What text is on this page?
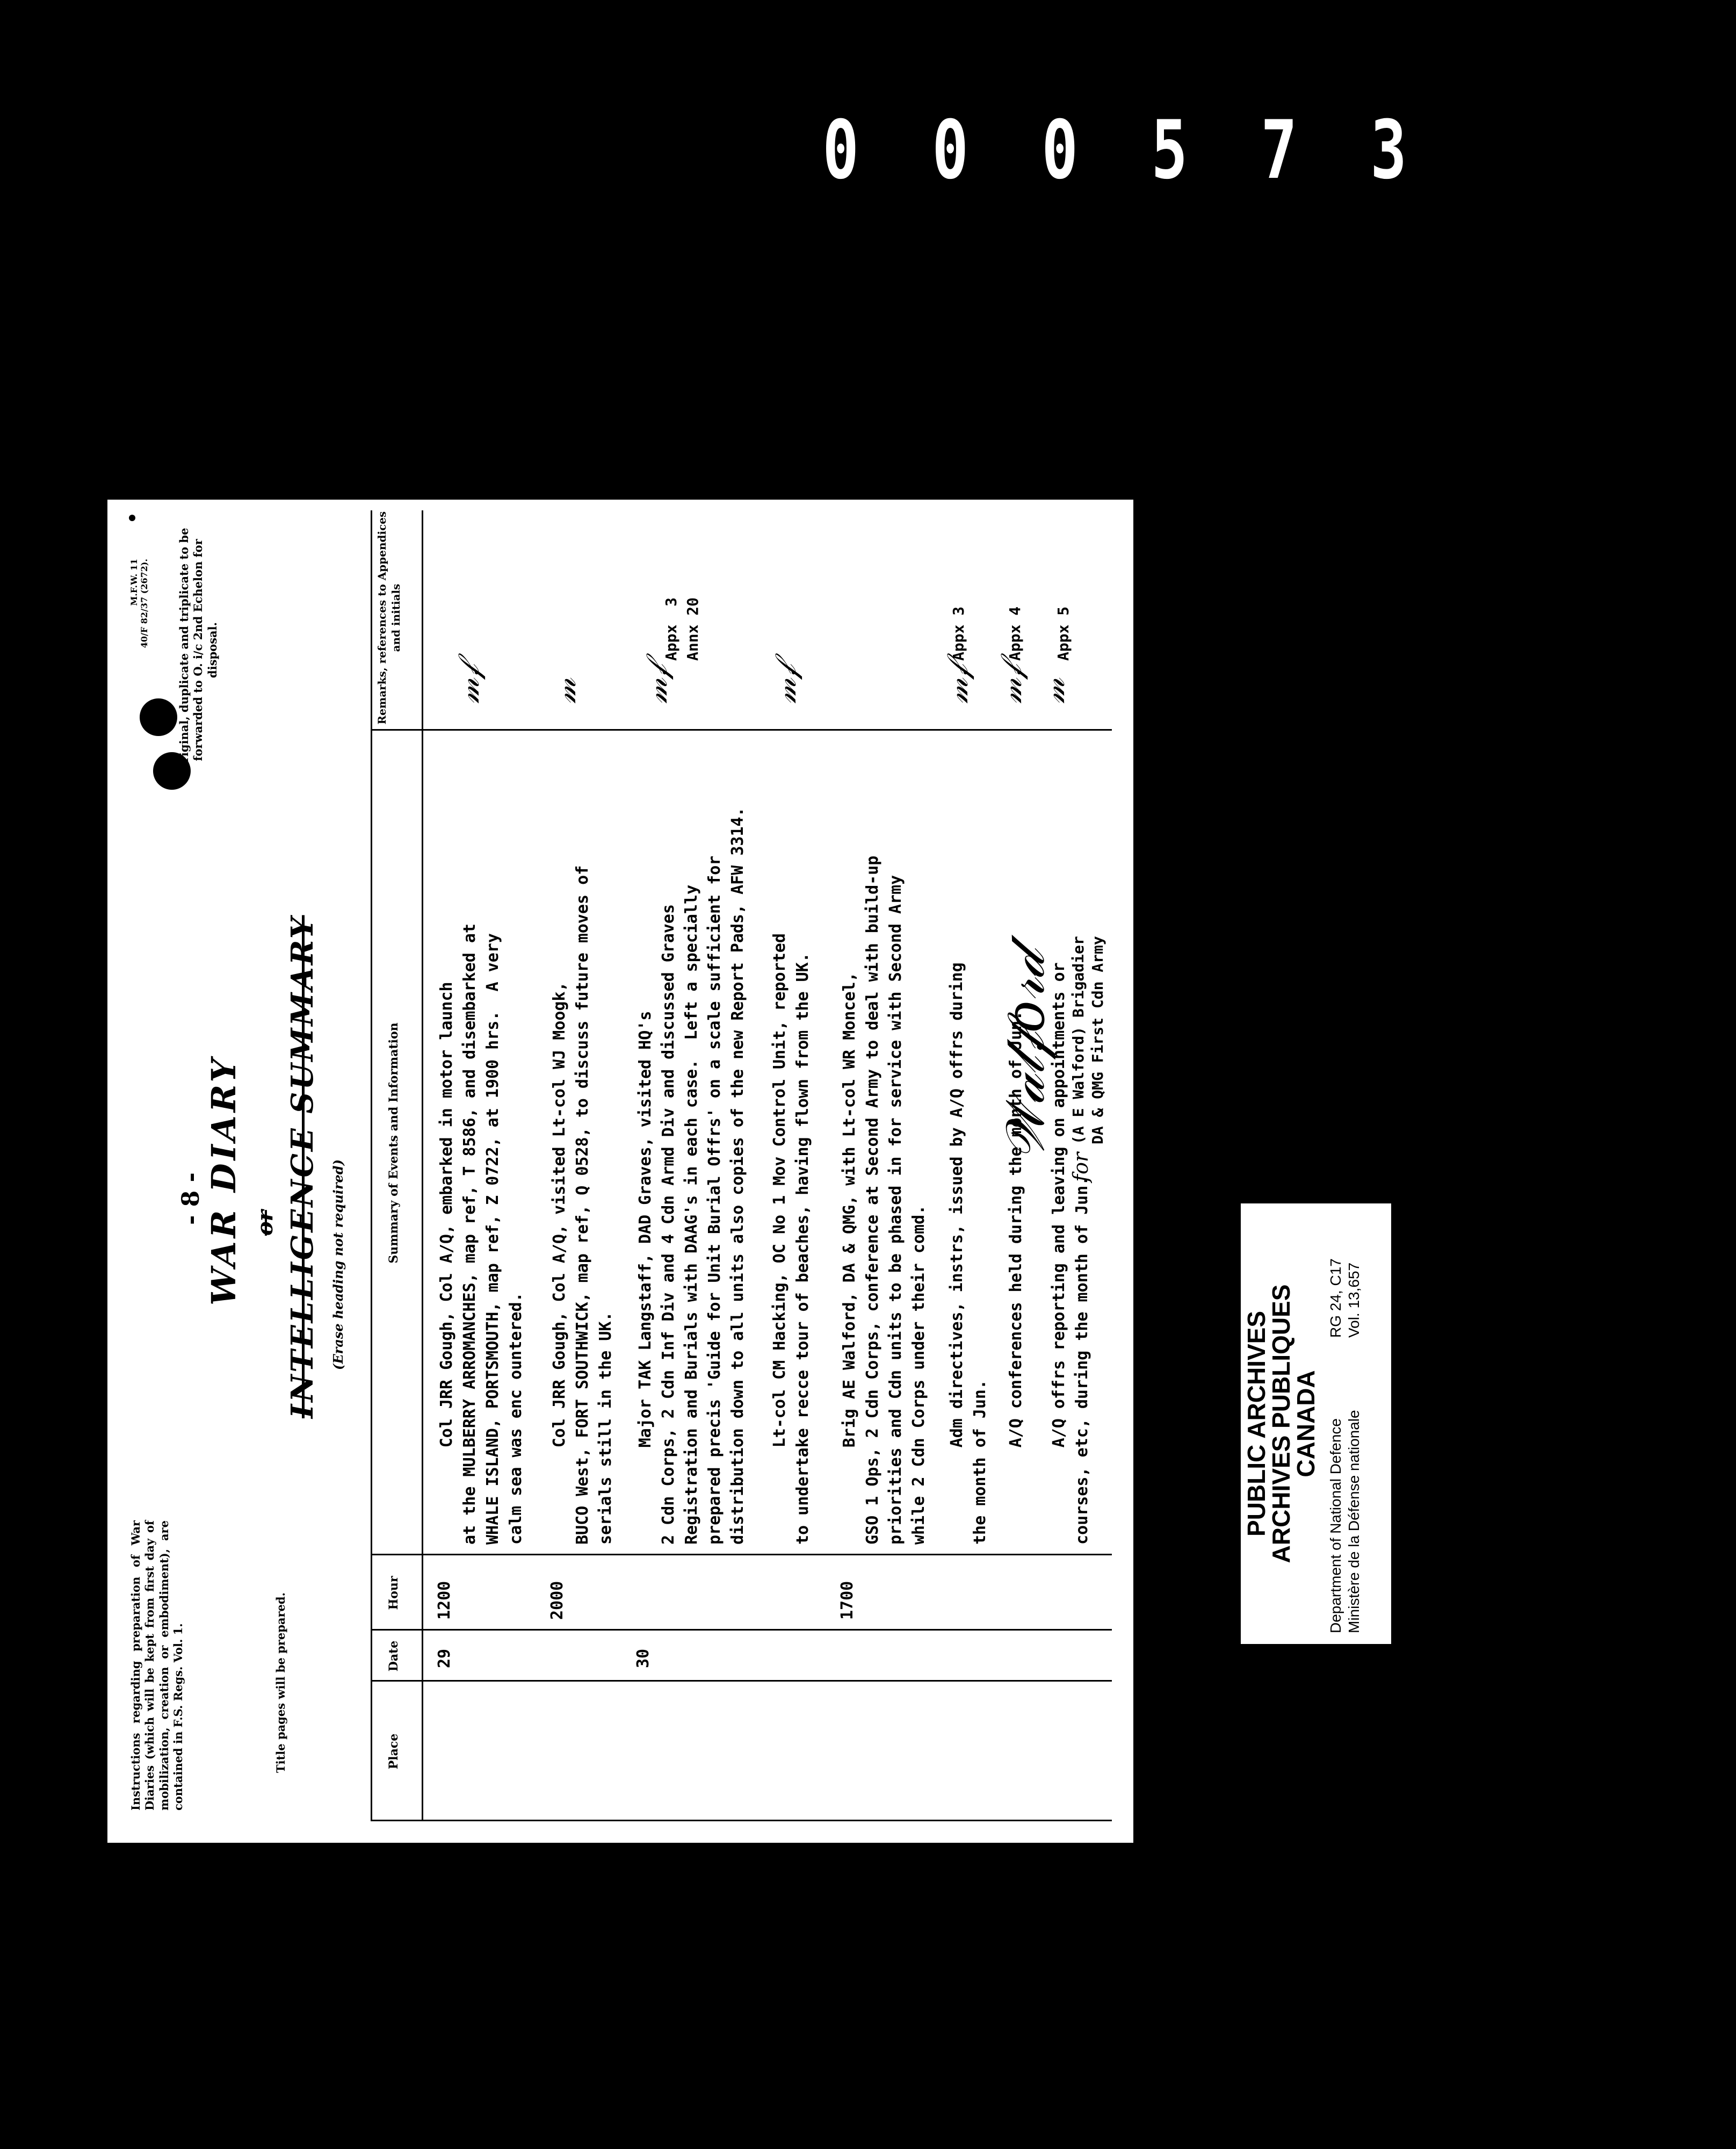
0 0 0 5 7 3
Instructions regarding preparation of War Diaries (which will be kept from first day of mobilization, creation or embodiment), are contained in F.S. Regs. Vol. 1.	Title pages will be prepared.
- 8 - WAR DIARY or INTELLIGENCE SUMMARY (Erase heading not required)
M.F.W. 11 40/F 82/37 (2672). Original, duplicate and triplicate to be forwarded to O. i/c 2nd Echelon for disposal.
Place
Date
Hour
Summary of Events and Information
Remarks, references to Appendices and initials
29
1200
Col JRR Gough, Col A/Q, embarked in motor launch at the MULBERRY ARROMANCHES, map ref, T 8586, and disembarked at WHALE ISLAND, PORTSMOUTH, map ref, Z 0722, at 1900 hrs.  A very calm sea was enc ountered.
𝓂𝒻
2000
Col JRR Gough, Col A/Q, visited Lt-col WJ Moogk, BUCO West, FORT SOUTHWICK, map ref, Q 0528, to discuss future moves of serials still in the UK.
𝓂
30
Major TAK Langstaff, DAD Graves, visited HQ's 2 Cdn Corps, 2 Cdn Inf Div and 4 Cdn Armd Div and discussed Graves Registration and Burials with DAAG's in each case.  Left a specially prepared precis 'Guide for Unit Burial Offrs' on a scale sufficient for distribution down to all units also copies of the new Report Pads, AFW 3314.
𝓂𝒻
Appx  3
Annx 20
Lt-col CM Hacking, OC No 1 Mov Control Unit, reported to undertake recce tour of beaches, having flown from the UK.
𝓂𝒻
1700
Brig AE Walford, DA & QMG, with Lt-col WR Moncel, GSO 1 Ops, 2 Cdn Corps, conference at Second Army to deal with build-up priorities and Cdn units to be phased in for service with Second Army while 2 Cdn Corps under their comd. Adm directives, instrs, issued by A/Q offrs during the month of Jun.
𝓂𝒻
Appx 3
A/Q conferences held during the month of Jun.
𝓂𝒻
Appx 4
A/Q offrs reporting and leaving on appointments or courses, etc, during the month of Jun.
𝓂
Appx 5
PUBLIC ARCHIVES
ARCHIVES PUBLIQUES
CANADA Department of National Defence Ministère de la Défense nationale
RG 24, C17 Vol. 13,657
𝒲𝒶𝓁𝒻𝑜𝓇𝒹
for
(A E Walford) Brigadier DA & QMG First Cdn Army
